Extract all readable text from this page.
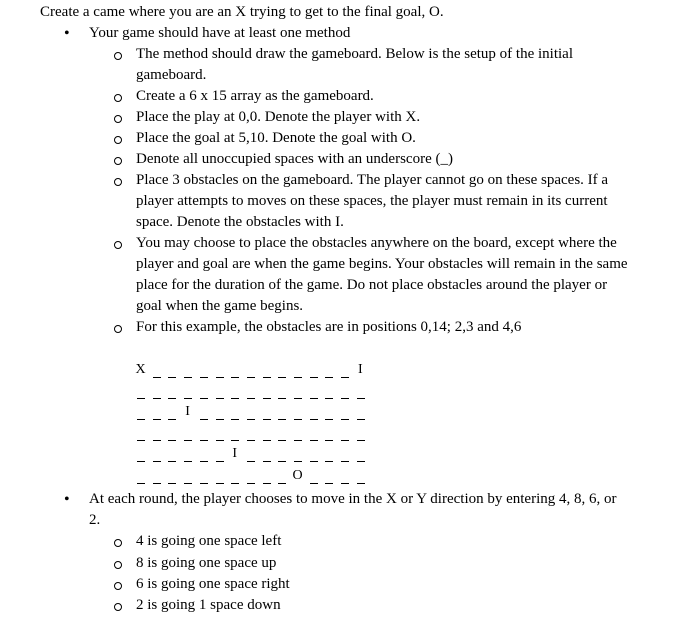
Create a came where you are an X trying to get to the final goal, O.
• Your game should have at least one method
The method should draw the gameboard. Below is the setup of the initial
gameboard.
Create a 6 x 15 array as the gameboard.
Place the play at 0,0. Denote the player with X.
Place the goal at 5,10. Denote the goal with O.
Denote all unoccupied spaces with an underscore (_)
Place 3 obstacles on the gameboard. The player cannot go on these spaces. If a
player attempts to moves on these spaces, the player must remain in its current
space. Denote the obstacles with I.
You may choose to place the obstacles anywhere on the board, except where the
player and goal are when the game begins. Your obstacles will remain in the same
place for the duration of the game. Do not place obstacles around the player or
goal when the game begins.
For this example, the obstacles are in positions 0,14; 2,3 and 4,6
X	I
I
I
O
• At each round, the player chooses to move in the X or Y direction by entering 4, 8, 6, or
2.
4 is going one space left
8 is going one space up
6 is going one space right
2 is going 1 space down
